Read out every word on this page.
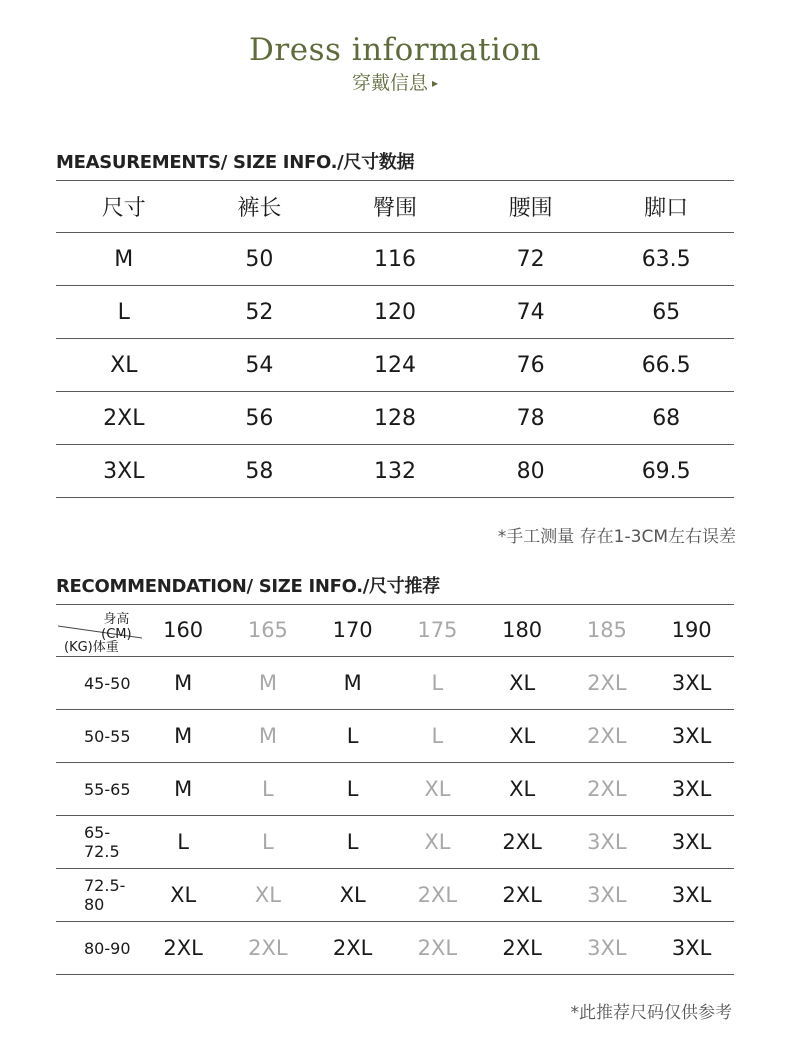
Dress information
穿戴信息 ▸
MEASUREMENTS/ SIZE INFO./尺寸数据
尺寸	裤长	臀围	腰围	脚口
M	50	116	72	63.5
L	52	120	74	65
XL	54	124	76	66.5
2XL	56	128	78	68
3XL	58	132	80	69.5
*手工测量 存在1-3CM左右误差
RECOMMENDATION/ SIZE INFO./尺寸推荐
身高(CM)
(KG)体重	160	165	170	175	180	185	190
45-50	M	M	M	L	XL	2XL	3XL
50-55	M	M	L	L	XL	2XL	3XL
55-65	M	L	L	XL	XL	2XL	3XL
65-72.5	L	L	L	XL	2XL	3XL	3XL
72.5-80	XL	XL	XL	2XL	2XL	3XL	3XL
80-90	2XL	2XL	2XL	2XL	2XL	3XL	3XL
*此推荐尺码仅供参考
